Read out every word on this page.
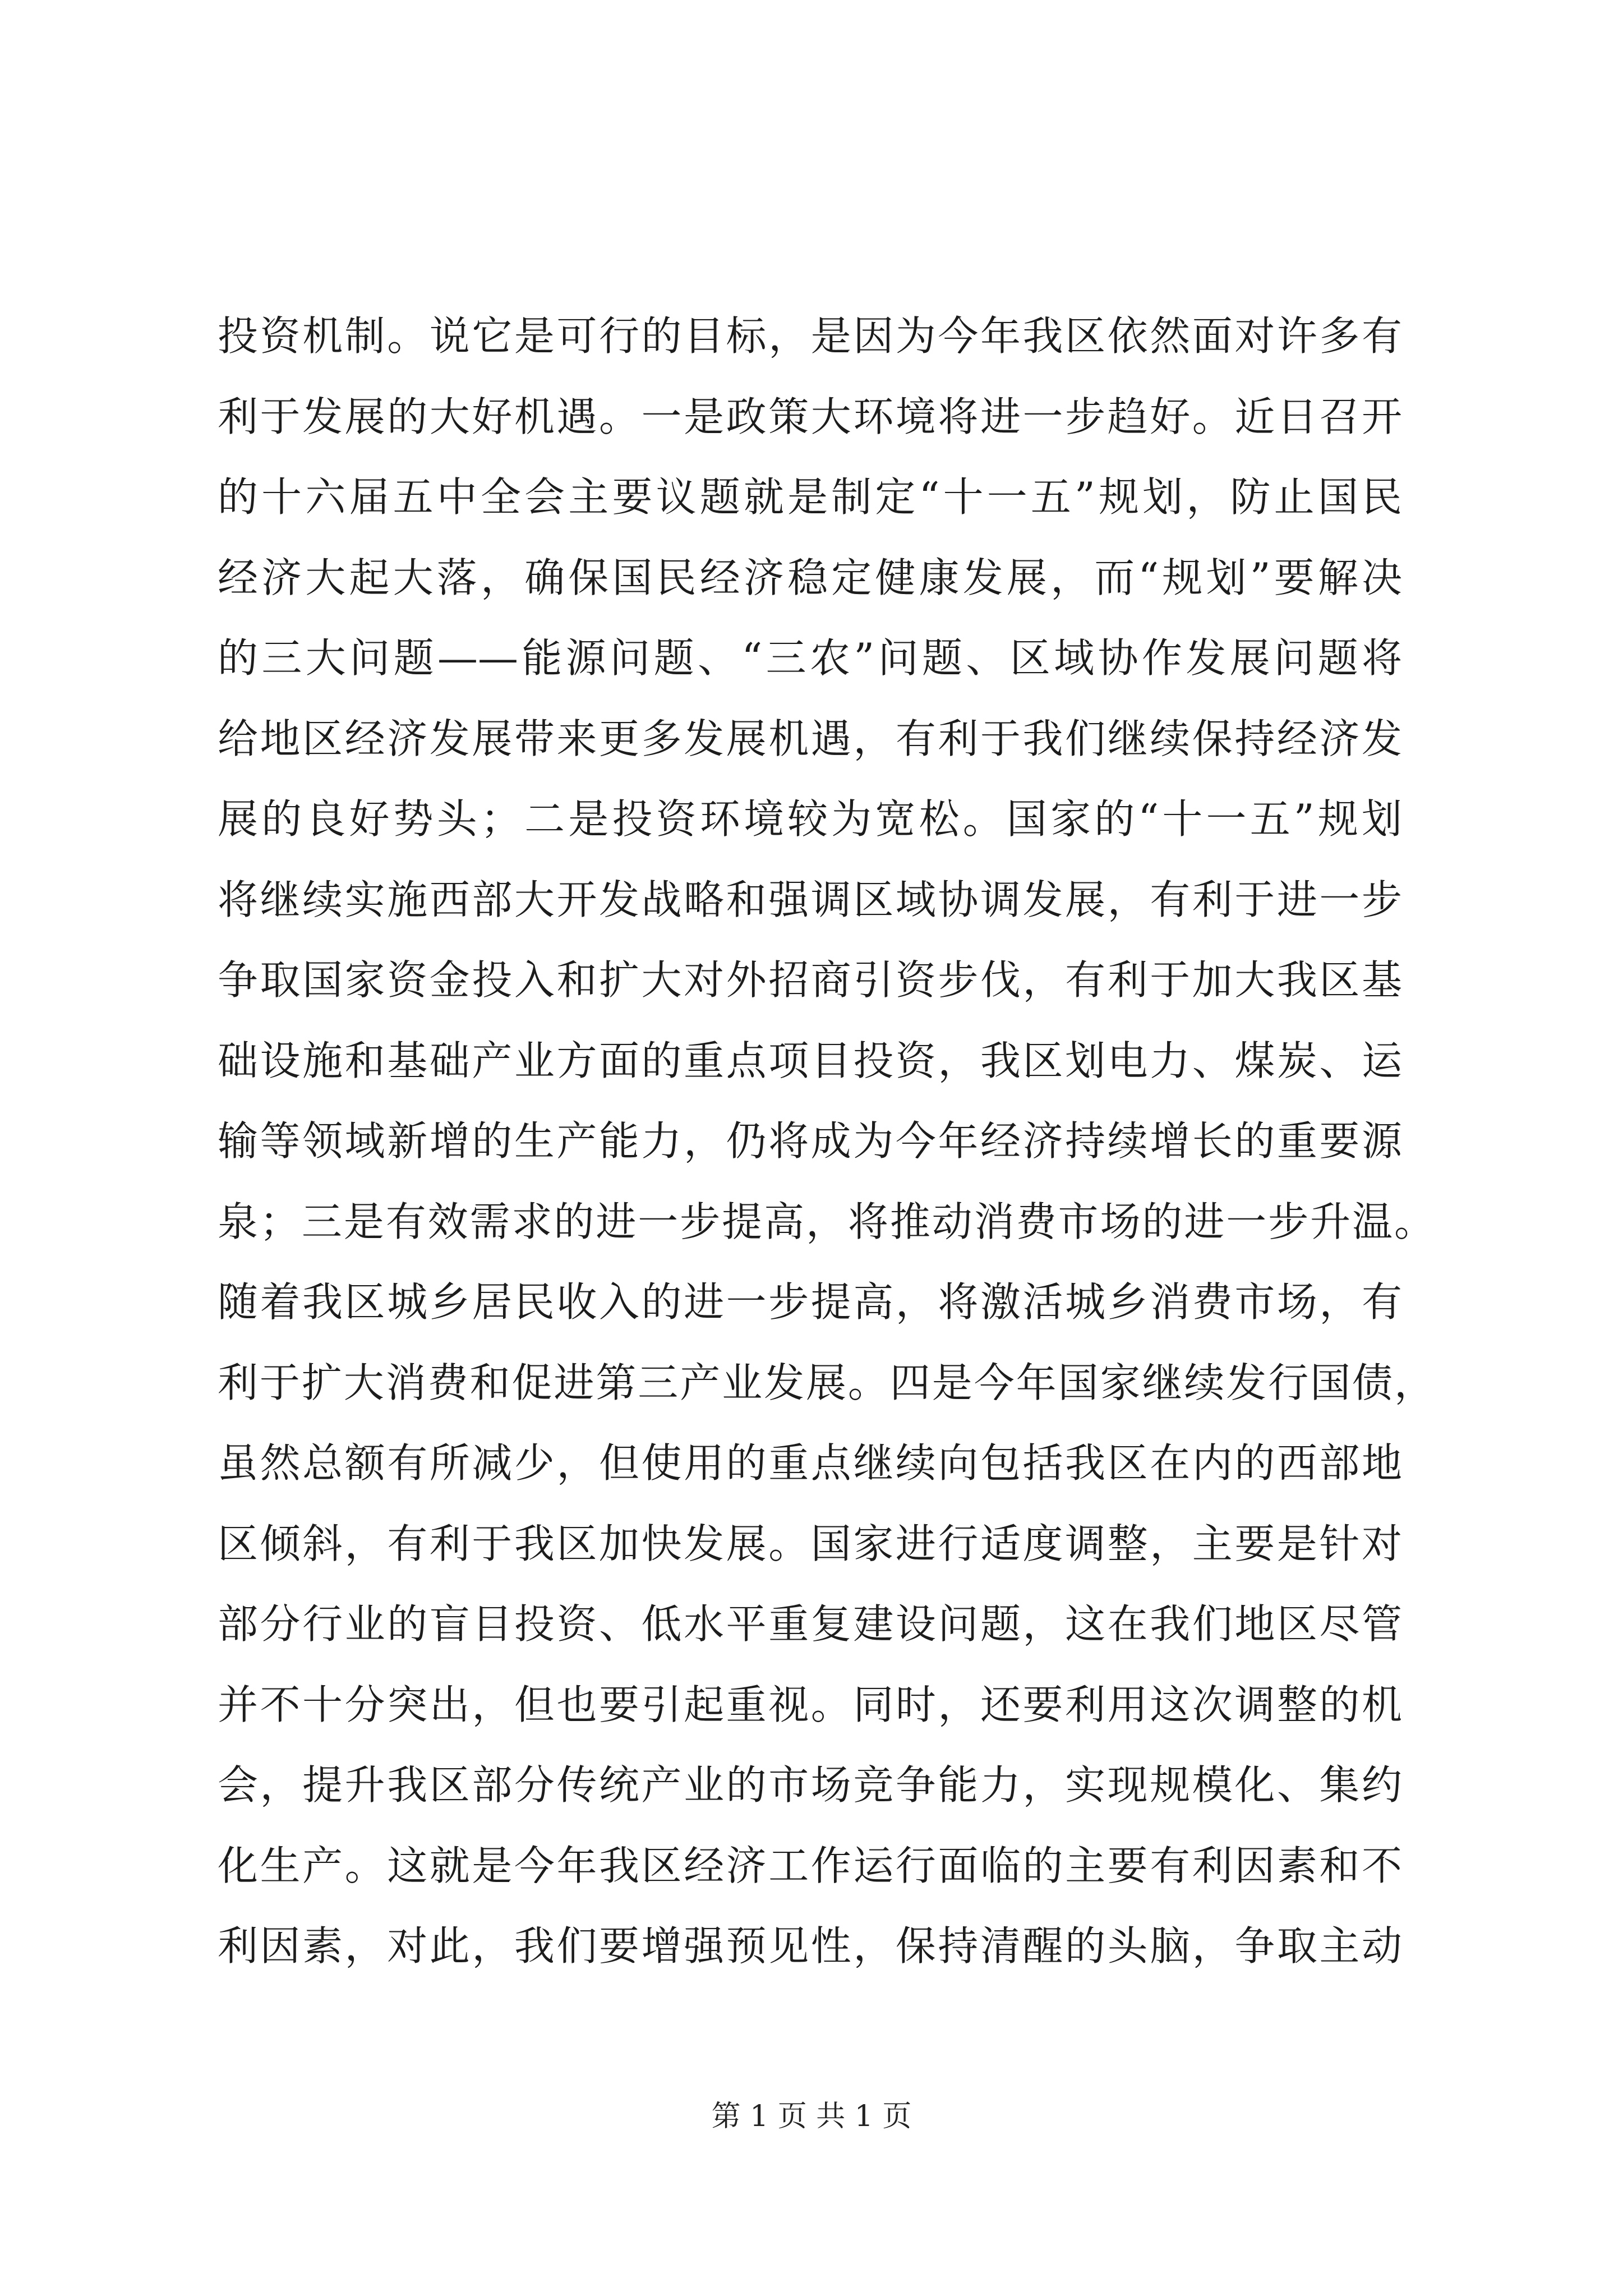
投资机制。说它是可行的目标，是因为今年我区依然面对许多有
利于发展的大好机遇。一是政策大环境将进一步趋好。近日召开
的十六届五中全会主要议题就是制定“十一五”规划，防止国民
经济大起大落，确保国民经济稳定健康发展，而“规划”要解决
的三大问题——能源问题、“三农”问题、区域协作发展问题将
给地区经济发展带来更多发展机遇，有利于我们继续保持经济发
展的良好势头；二是投资环境较为宽松。国家的“十一五”规划
将继续实施西部大开发战略和强调区域协调发展，有利于进一步
争取国家资金投入和扩大对外招商引资步伐，有利于加大我区基
础设施和基础产业方面的重点项目投资，我区划电力、煤炭、运
输等领域新增的生产能力，仍将成为今年经济持续增长的重要源
泉；三是有效需求的进一步提高，将推动消费市场的进一步升温。
随着我区城乡居民收入的进一步提高，将激活城乡消费市场，有
利于扩大消费和促进第三产业发展。四是今年国家继续发行国债，
虽然总额有所减少，但使用的重点继续向包括我区在内的西部地
区倾斜，有利于我区加快发展。国家进行适度调整，主要是针对
部分行业的盲目投资、低水平重复建设问题，这在我们地区尽管
并不十分突出，但也要引起重视。同时，还要利用这次调整的机
会，提升我区部分传统产业的市场竞争能力，实现规模化、集约
化生产。这就是今年我区经济工作运行面临的主要有利因素和不
利因素，对此，我们要增强预见性，保持清醒的头脑，争取主动
第 1 页 共 1 页
